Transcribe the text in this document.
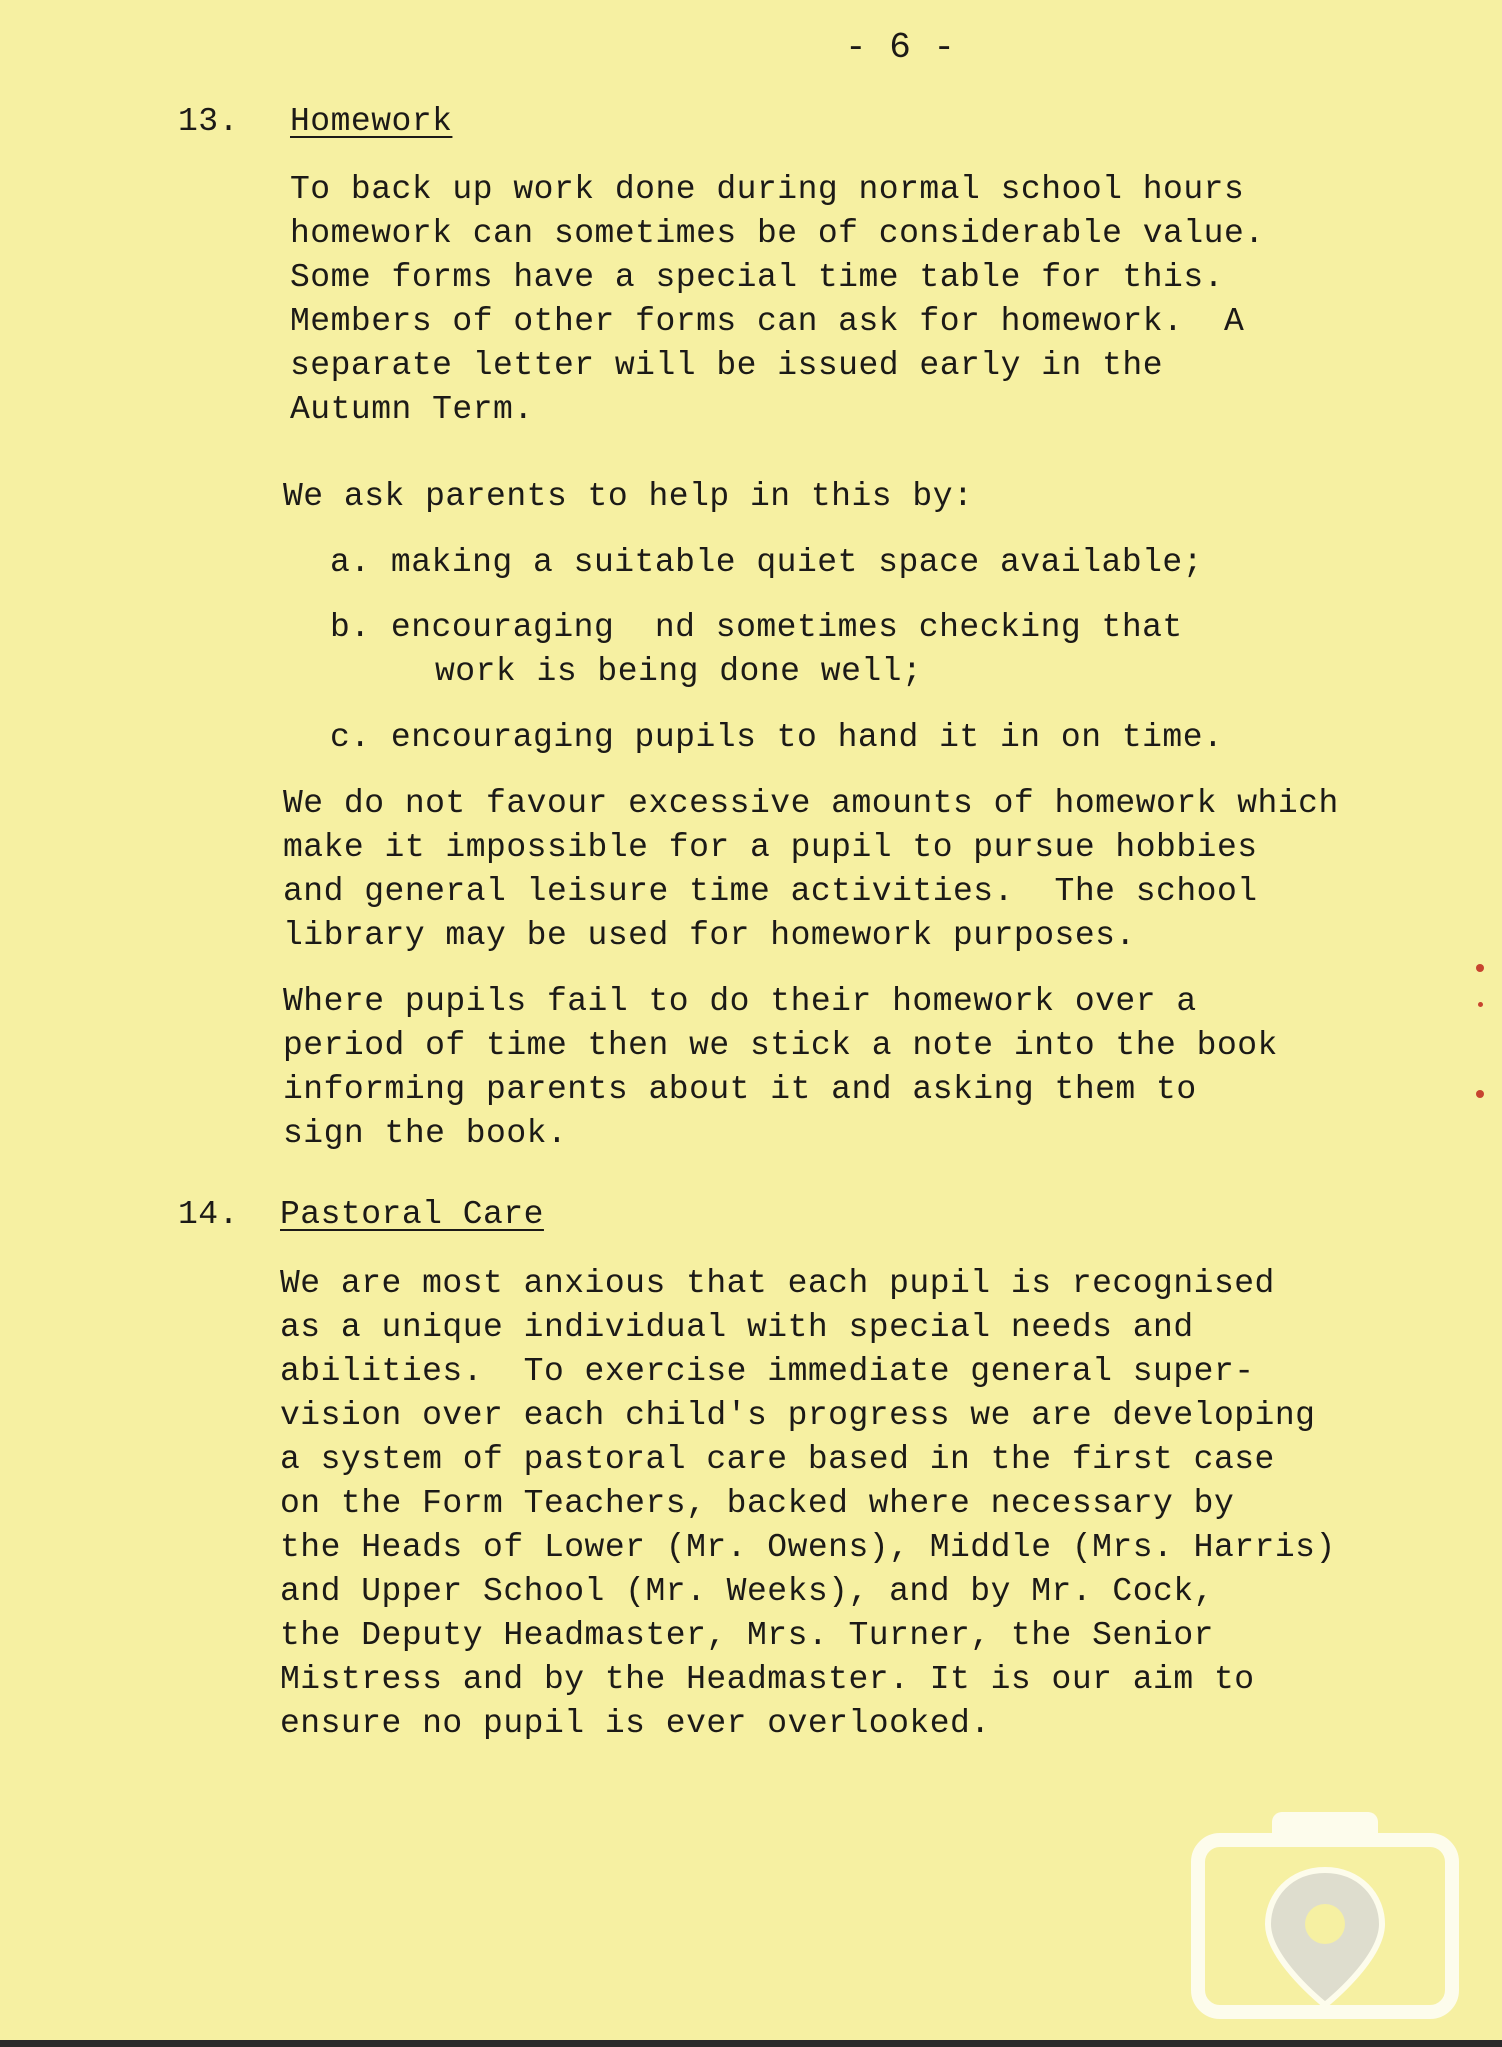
- 6 -
13. Homework
To back up work done during normal school hours
homework can sometimes be of considerable value.
Some forms have a special time table for this.
Members of other forms can ask for homework.  A
separate letter will be issued early in the
Autumn Term.
We ask parents to help in this by:
a. making a suitable quiet space available;
b. encouraging  nd sometimes checking that
work is being done well;
c. encouraging pupils to hand it in on time.
We do not favour excessive amounts of homework which
make it impossible for a pupil to pursue hobbies
and general leisure time activities.  The school
library may be used for homework purposes.
Where pupils fail to do their homework over a
period of time then we stick a note into the book
informing parents about it and asking them to
sign the book.
14. Pastoral Care
We are most anxious that each pupil is recognised
as a unique individual with special needs and
abilities.  To exercise immediate general super-
vision over each child's progress we are developing
a system of pastoral care based in the first case
on the Form Teachers, backed where necessary by
the Heads of Lower (Mr. Owens), Middle (Mrs. Harris)
and Upper School (Mr. Weeks), and by Mr. Cock,
the Deputy Headmaster, Mrs. Turner, the Senior
Mistress and by the Headmaster. It is our aim to
ensure no pupil is ever overlooked.
